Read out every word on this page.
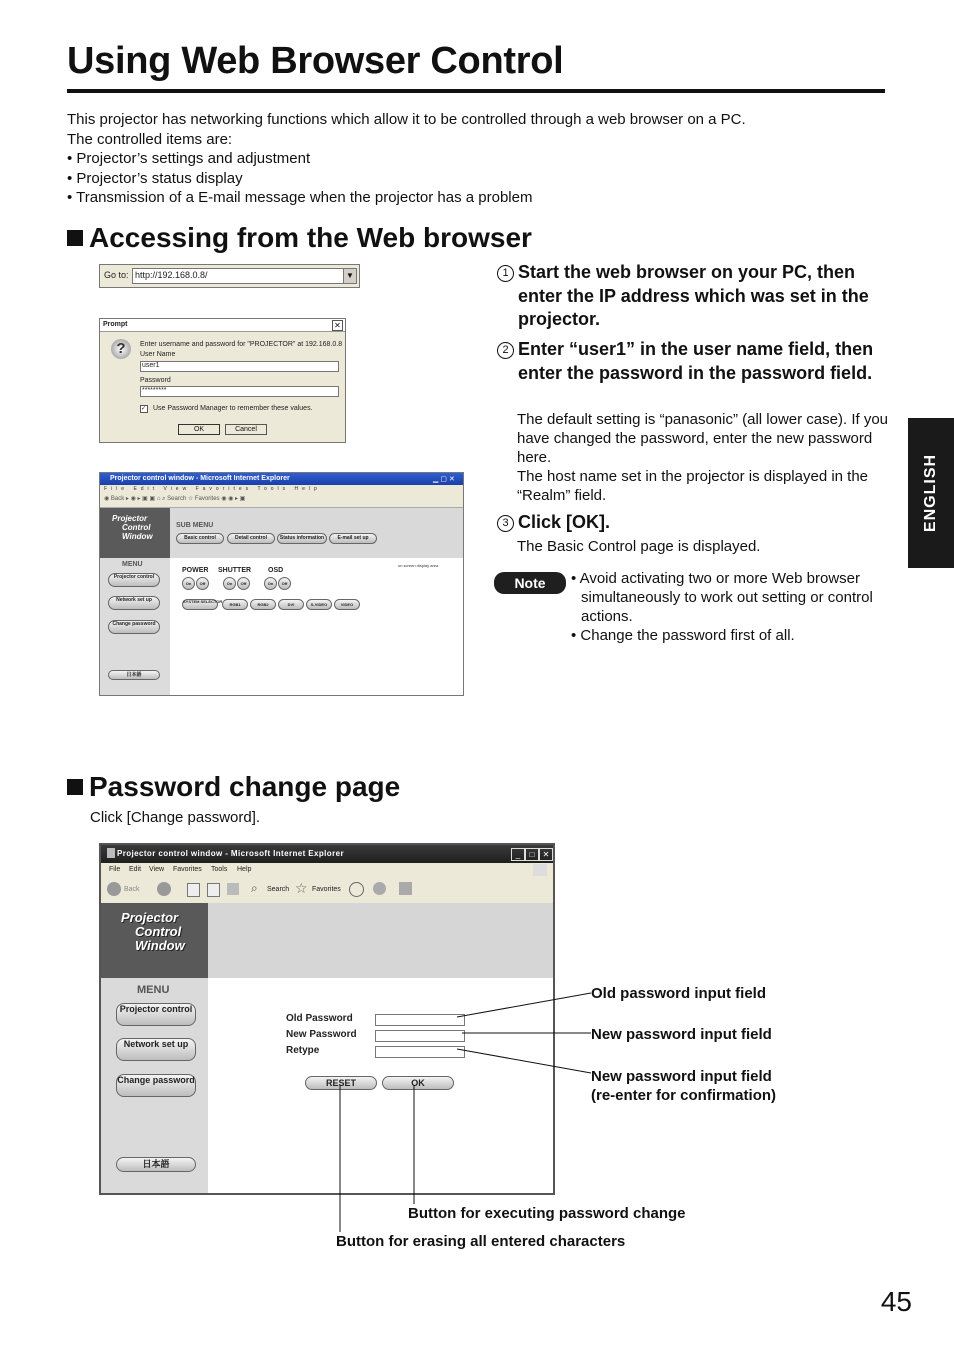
Using Web Browser Control
This projector has networking functions which allow it to be controlled through a web browser on a PC.
The controlled items are:
• Projector’s settings and adjustment
• Projector’s status display
• Transmission of a E-mail message when the projector has a problem
Accessing from the Web browser
Go to: http://192.168.0.8/	▼
Prompt	✕
?	Enter username and password for "PROJECTOR" at 192.168.0.8
User Name
user1
Password
*********
✓ Use Password Manager to remember these values.
OK	Cancel
Projector control window - Microsoft Internet Explorer	▁▢✕
File Edit View Favorites Tools Help
◉ Back ▸ ◉ ▸ ▣ ▣ ⌂ ⌕ Search ☆ Favorites ◉ ◉ ▸ ▣
Projector
Control
Window
SUB MENU
Basic control	Detail control	Status information	E-mail set up
MENU
Projector control
Network set up
Change password
日本語
on screen display area
POWER SHUTTER OSD
On	Off	On	Off	On	Off
SYSTEM SELECTOR
RGB1	RGB2	DVI	S-VIDEO	VIDEO
1 Start the web browser on your PC, then enter the IP address which was set in the projector.
2 Enter “user1” in the user name field, then enter the password in the password field.
The default setting is “panasonic” (all lower case). If you have changed the password, enter the new password here.
The host name set in the projector is displayed in the “Realm” field.
3 Click [OK].
The Basic Control page is displayed.
Note	• Avoid activating two or more Web browser simultaneously to work out setting or control actions.
• Change the password first of all.
ENGLISH
Password change page
Click [Change password].
Projector control window - Microsoft Internet Explorer	_	□	✕
File Edit View Favorites Tools Help
Back	⌕ Search ☆ Favorites
Projector
Control
Window
MENU
Projector control
Network set up
Change password
日本語
Old Password
New Password
Retype
RESET	OK
Old password input field
New password input field
New password input field
(re-enter for confirmation)
Button for executing password change
Button for erasing all entered characters
45
